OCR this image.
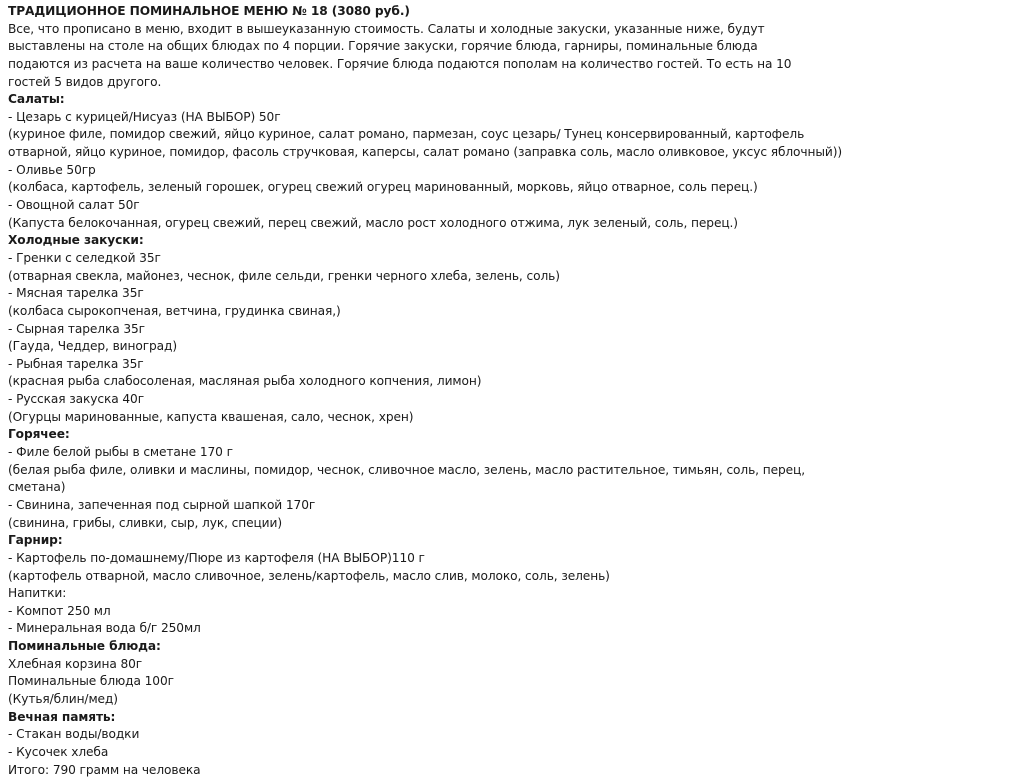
ТРАДИЦИОННОЕ ПОМИНАЛЬНОЕ МЕНЮ № 18 (3080 руб.)
Все, что прописано в меню, входит в вышеуказанную стоимость. Салаты и холодные закуски, указанные ниже, будут
выставлены на столе на общих блюдах по 4 порции. Горячие закуски, горячие блюда, гарниры, поминальные блюда
подаются из расчета на ваше количество человек. Горячие блюда подаются пополам на количество гостей. То есть на 10
гостей 5 видов другого.
Салаты:
- Цезарь с курицей/Нисуаз (НА ВЫБОР) 50г
(куриное филе, помидор свежий, яйцо куриное, салат романо, пармезан, соус цезарь/ Тунец консервированный, картофель
отварной, яйцо куриное, помидор, фасоль стручковая, каперсы, салат романо (заправка соль, масло оливковое, уксус яблочный))
- Оливье 50гр
(колбаса, картофель, зеленый горошек, огурец свежий огурец маринованный, морковь, яйцо отварное, соль перец.)
- Овощной салат 50г
(Капуста белокочанная, огурец свежий, перец свежий, масло рост холодного отжима, лук зеленый, соль, перец.)
Холодные закуски:
- Гренки с селедкой 35г
(отварная свекла, майонез, чеснок, филе сельди, гренки черного хлеба, зелень, соль)
- Мясная тарелка 35г
(колбаса сырокопченая, ветчина, грудинка свиная,)
- Сырная тарелка 35г
(Гауда, Чеддер, виноград)
- Рыбная тарелка 35г
(красная рыба слабосоленая, масляная рыба холодного копчения, лимон)
- Русская закуска 40г
(Огурцы маринованные, капуста квашеная, сало, чеснок, хрен)
Горячее:
- Филе белой рыбы в сметане 170 г
(белая рыба филе, оливки и маслины, помидор, чеснок, сливочное масло, зелень, масло растительное, тимьян, соль, перец,
сметана)
- Свинина, запеченная под сырной шапкой 170г
(свинина, грибы, сливки, сыр, лук, специи)
Гарнир:
- Картофель по-домашнему/Пюре из картофеля (НА ВЫБОР)110 г
(картофель отварной, масло сливочное, зелень/картофель, масло слив, молоко, соль, зелень)
Напитки:
- Компот 250 мл
- Минеральная вода б/г 250мл
Поминальные блюда:
Хлебная корзина 80г
Поминальные блюда 100г
(Кутья/блин/мед)
Вечная память:
- Стакан воды/водки
- Кусочек хлеба
Итого: 790 грамм на человека
